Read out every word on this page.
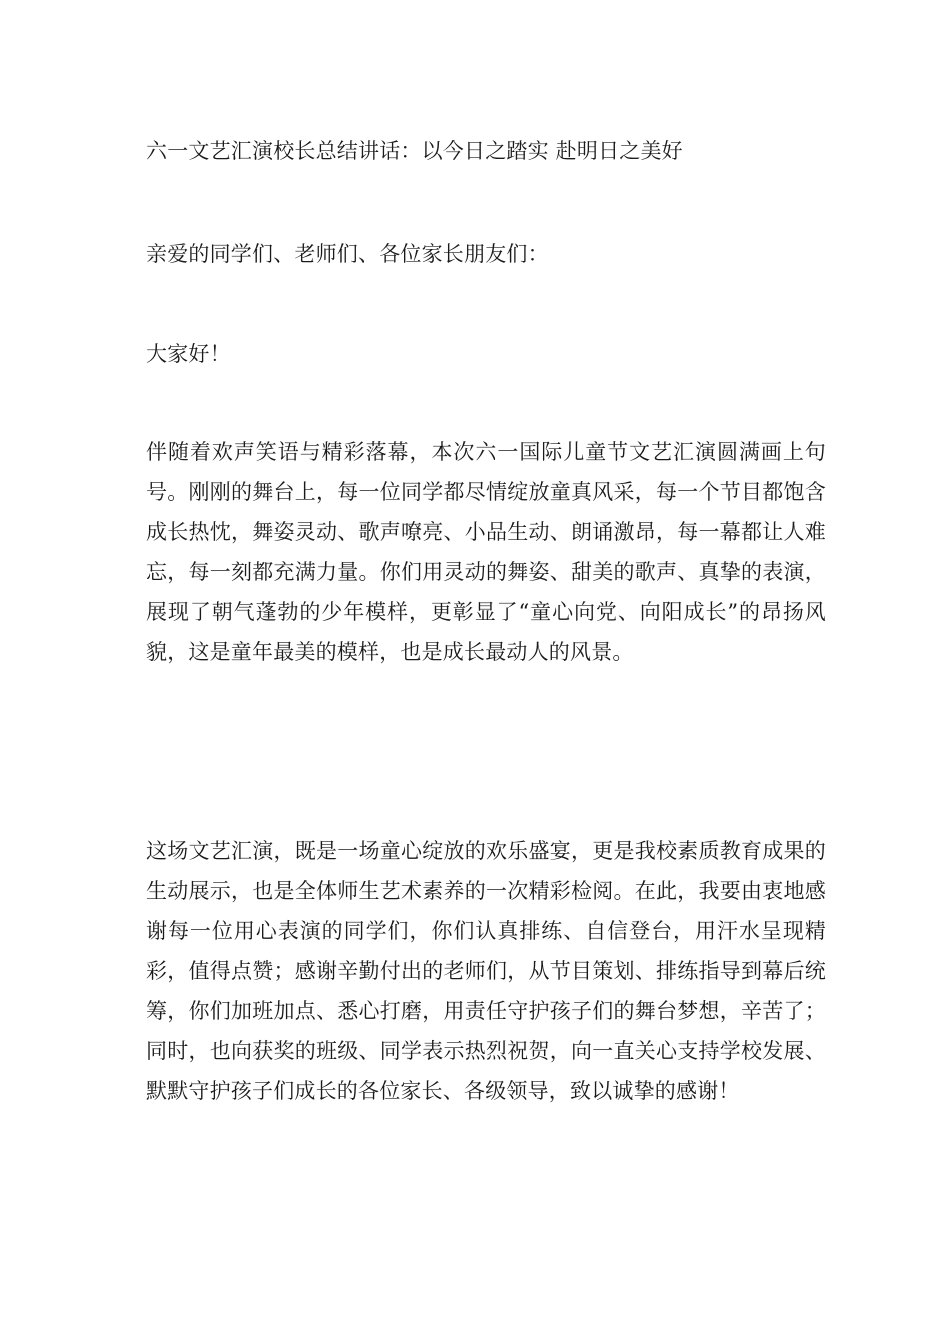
六一文艺汇演校长总结讲话：以今日之踏实 赴明日之美好
亲爱的同学们、老师们、各位家长朋友们：
大家好！
伴随着欢声笑语与精彩落幕，本次六一国际儿童节文艺汇演圆满画上句号。刚刚的舞台上，每一位同学都尽情绽放童真风采，每一个节目都饱含成长热忱，舞姿灵动、歌声嘹亮、小品生动、朗诵激昂，每一幕都让人难忘，每一刻都充满力量。你们用灵动的舞姿、甜美的歌声、真挚的表演，展现了朝气蓬勃的少年模样，更彰显了“童心向党、向阳成长”的昂扬风貌，这是童年最美的模样，也是成长最动人的风景。
这场文艺汇演，既是一场童心绽放的欢乐盛宴，更是我校素质教育成果的生动展示，也是全体师生艺术素养的一次精彩检阅。在此，我要由衷地感谢每一位用心表演的同学们，你们认真排练、自信登台，用汗水呈现精彩，值得点赞；感谢辛勤付出的老师们，从节目策划、排练指导到幕后统筹，你们加班加点、悉心打磨，用责任守护孩子们的舞台梦想，辛苦了；同时，也向获奖的班级、同学表示热烈祝贺，向一直关心支持学校发展、默默守护孩子们成长的各位家长、各级领导，致以诚挚的感谢！
